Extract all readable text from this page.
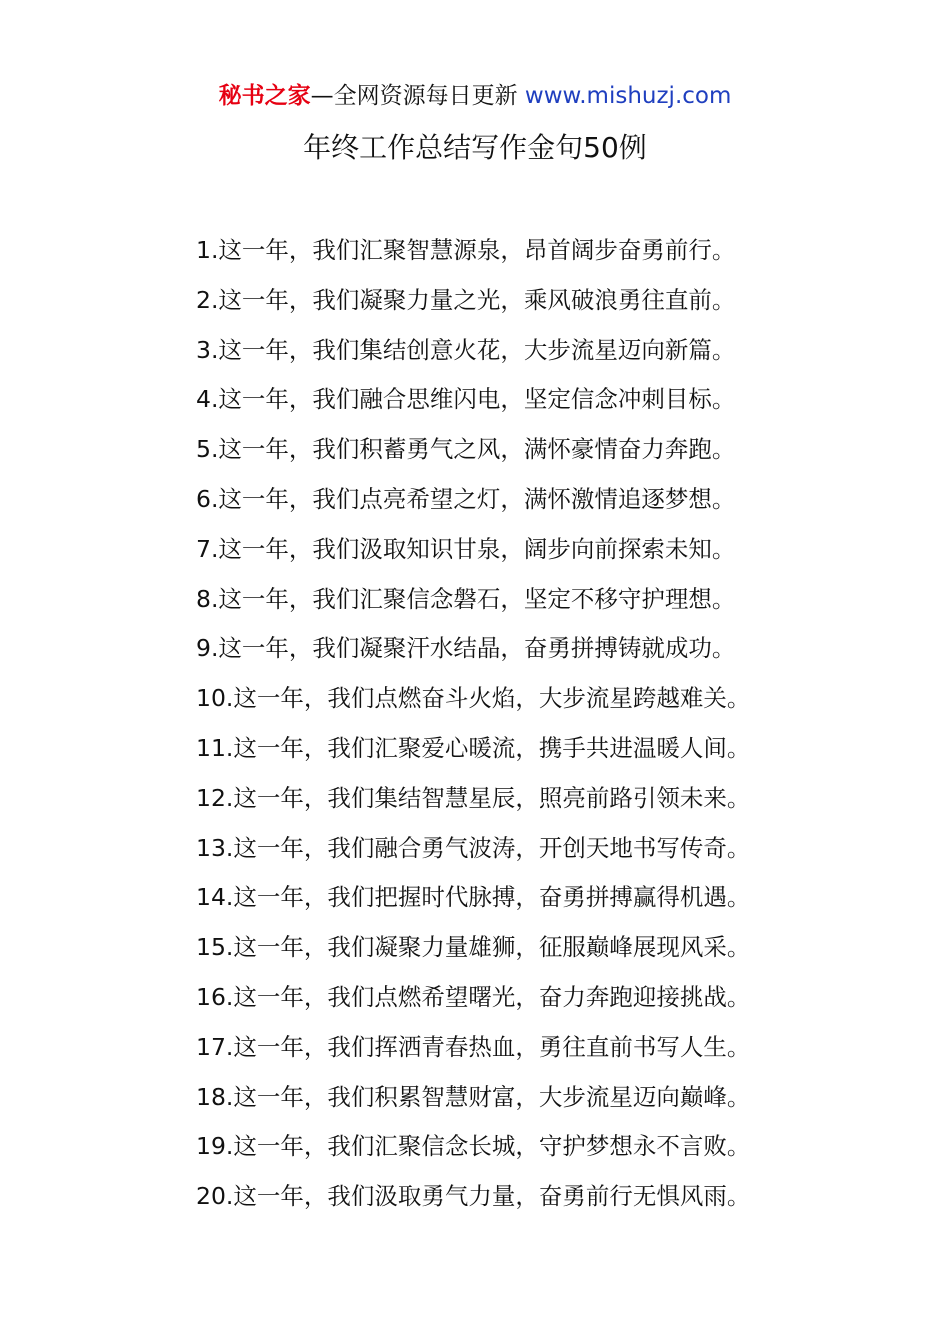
秘书之家—全网资源每日更新 www.mishuzj.com
年终工作总结写作金句50例
1.这一年，我们汇聚智慧源泉，昂首阔步奋勇前行。
2.这一年，我们凝聚力量之光，乘风破浪勇往直前。
3.这一年，我们集结创意火花，大步流星迈向新篇。
4.这一年，我们融合思维闪电，坚定信念冲刺目标。
5.这一年，我们积蓄勇气之风，满怀豪情奋力奔跑。
6.这一年，我们点亮希望之灯，满怀激情追逐梦想。
7.这一年，我们汲取知识甘泉，阔步向前探索未知。
8.这一年，我们汇聚信念磐石，坚定不移守护理想。
9.这一年，我们凝聚汗水结晶，奋勇拼搏铸就成功。
10.这一年，我们点燃奋斗火焰，大步流星跨越难关。
11.这一年，我们汇聚爱心暖流，携手共进温暖人间。
12.这一年，我们集结智慧星辰，照亮前路引领未来。
13.这一年，我们融合勇气波涛，开创天地书写传奇。
14.这一年，我们把握时代脉搏，奋勇拼搏赢得机遇。
15.这一年，我们凝聚力量雄狮，征服巅峰展现风采。
16.这一年，我们点燃希望曙光，奋力奔跑迎接挑战。
17.这一年，我们挥洒青春热血，勇往直前书写人生。
18.这一年，我们积累智慧财富，大步流星迈向巅峰。
19.这一年，我们汇聚信念长城，守护梦想永不言败。
20.这一年，我们汲取勇气力量，奋勇前行无惧风雨。
